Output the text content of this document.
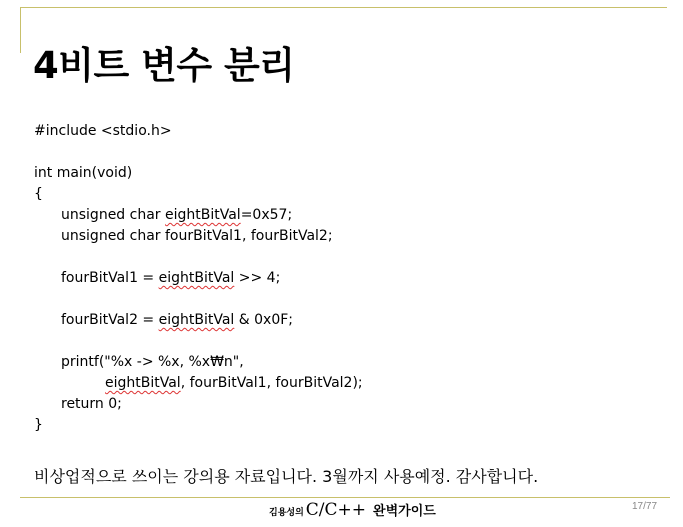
4비트 변수 분리
#include <stdio.h>
int main(void)
{
unsigned char eightBitVal=0x57;
unsigned char fourBitVal1, fourBitVal2;
fourBitVal1 = eightBitVal >> 4;
fourBitVal2 = eightBitVal & 0x0F;
printf("%x -> %x, %x₩n",
eightBitVal, fourBitVal1, fourBitVal2);
return 0;
}
비상업적으로 쓰이는 강의용 자료입니다. 3월까지 사용예정. 감사합니다.
김용성의 C/C++ 완벽가이드	17/77
